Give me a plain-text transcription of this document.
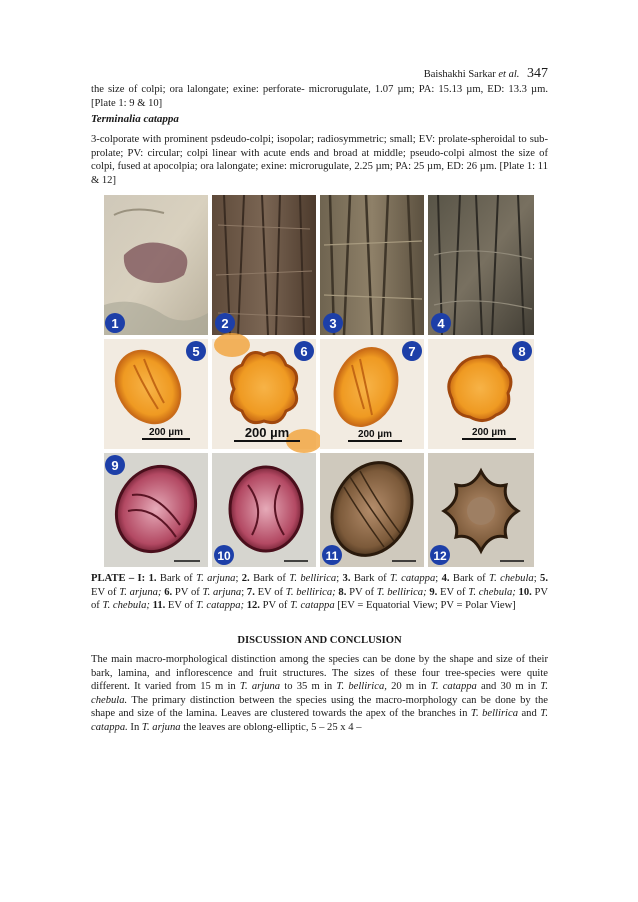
Baishakhi Sarkar et al. 347

the size of colpi; ora lalongate; exine: perforate- microrugulate, 1.07 µm; PA: 15.13 µm, ED: 13.3 µm. [Plate 1: 9 & 10]

Terminalia catappa

3-colporate with prominent psdeudo-colpi; isopolar; radiosymmetric; small; EV: prolate-spheroidal to sub-prolate; PV: circular; colpi linear with acute ends and broad at middle; pseudo-colpi almost the size of colpi, fused at apocolpia; ora lalongate; exine: microrugulate, 2.25 µm; PA: 25 µm, ED: 26 µm. [Plate 1: 11 & 12]

1	2	3	4
5	6	7	8
9
10	11	12
200 µm	200 µm	200 µm	200 µm
PLATE – I: 1. Bark of T. arjuna; 2. Bark of T. bellirica; 3. Bark of T. catappa; 4. Bark of T. chebula; 5. EV of T. arjuna; 6. PV of T. arjuna; 7. EV of T. bellirica; 8. PV of T. bellirica; 9. EV of T. chebula; 10. PV of T. chebula; 11. EV of T. catappa; 12. PV of T. catappa [EV = Equatorial View; PV = Polar View]
DISCUSSION AND CONCLUSION

The main macro-morphological distinction among the species can be done by the shape and size of their bark, lamina, and inflorescence and fruit structures. The sizes of these four tree-species were quite different. It varied from 15 m in T. arjuna to 35 m in T. bellirica, 20 m in T. catappa and 30 m in T. chebula. The primary distinction between the species using the macro-morphology can be done by the shape and size of the lamina. Leaves are clustered towards the apex of the branches in T. bellirica and T. catappa. In T. arjuna the leaves are oblong-elliptic, 5 – 25 x 4 –
